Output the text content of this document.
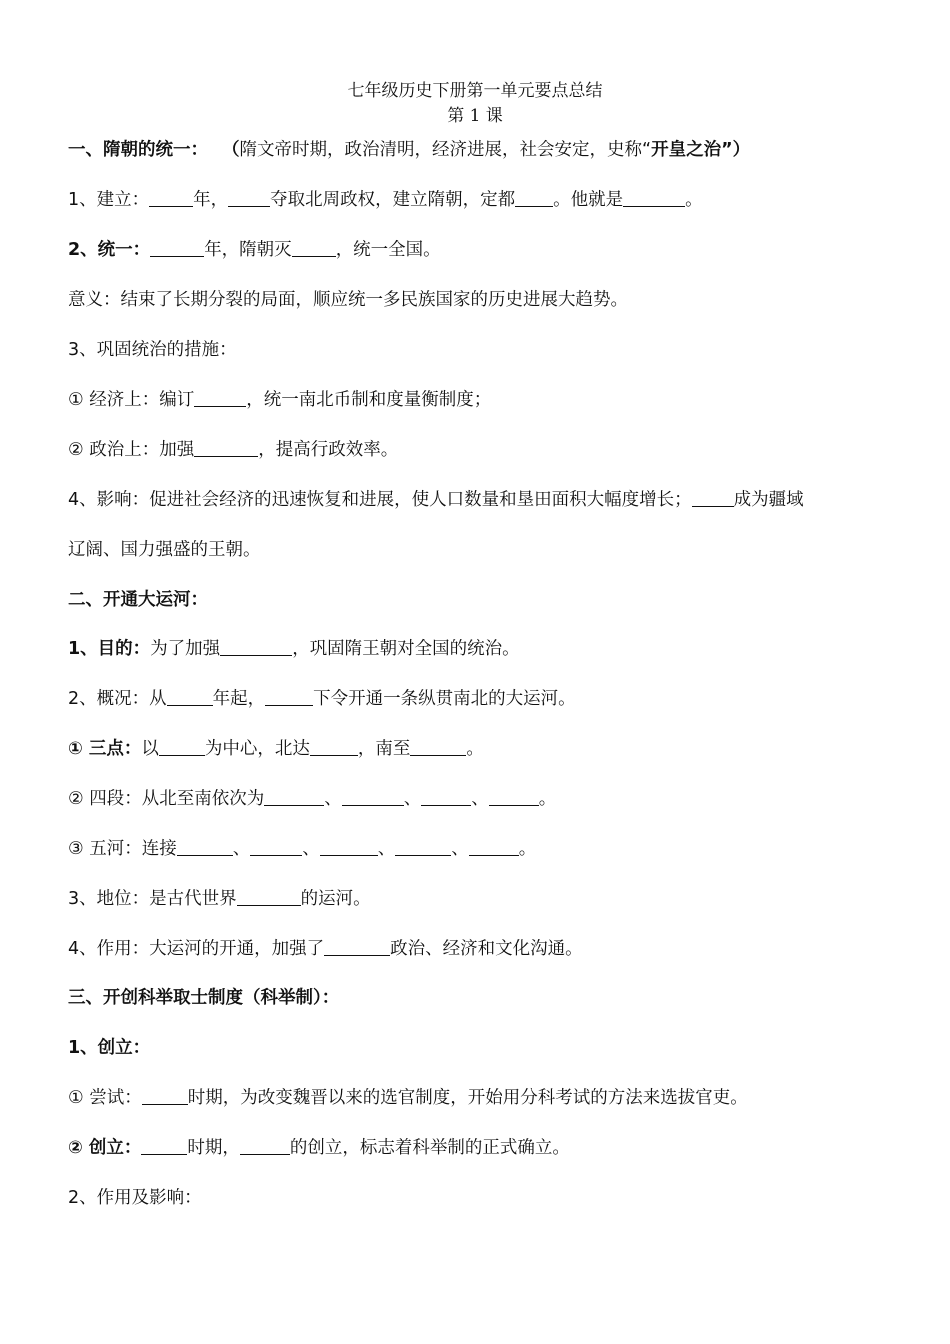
七年级历史下册第一单元要点总结
第 1 课
一、隋朝的统一： （隋文帝时期，政治清明，经济进展，社会安定，史称“开皇之治”）
1、建立：	年， 夺取北周政权，建立隋朝，定都 。他就是	。
2、统一：	年，隋朝灭	，统一全国。
意义：结束了长期分裂的局面，顺应统一多民族国家的历史进展大趋势。
3、巩固统治的措施：
① 经济上：编订	，统一南北币制和度量衡制度；
② 政治上：加强	，提高行政效率。
4、影响：促进社会经济的迅速恢复和进展，使人口数量和垦田面积大幅度增长； 成为疆域
辽阔、国力强盛的王朝。
二、开通大运河：
1、目的：为了加强	，巩固隋王朝对全国的统治。
2、概况：从	年起，	下令开通一条纵贯南北的大运河。
① 三点：以	为中心，北达	，南至	。
② 四段：从北至南依次为	、	、	、	。
③ 五河：连接	、	、	、	、	。
3、地位：是古代世界	的运河。
4、作用：大运河的开通，加强了	政治、经济和文化沟通。
三、开创科举取士制度（科举制）：
1、创立：
① 尝试：	时期，为改变魏晋以来的选官制度，开始用分科考试的方法来选拔官吏。
② 创立：	时期，	的创立，标志着科举制的正式确立。
2、作用及影响：
